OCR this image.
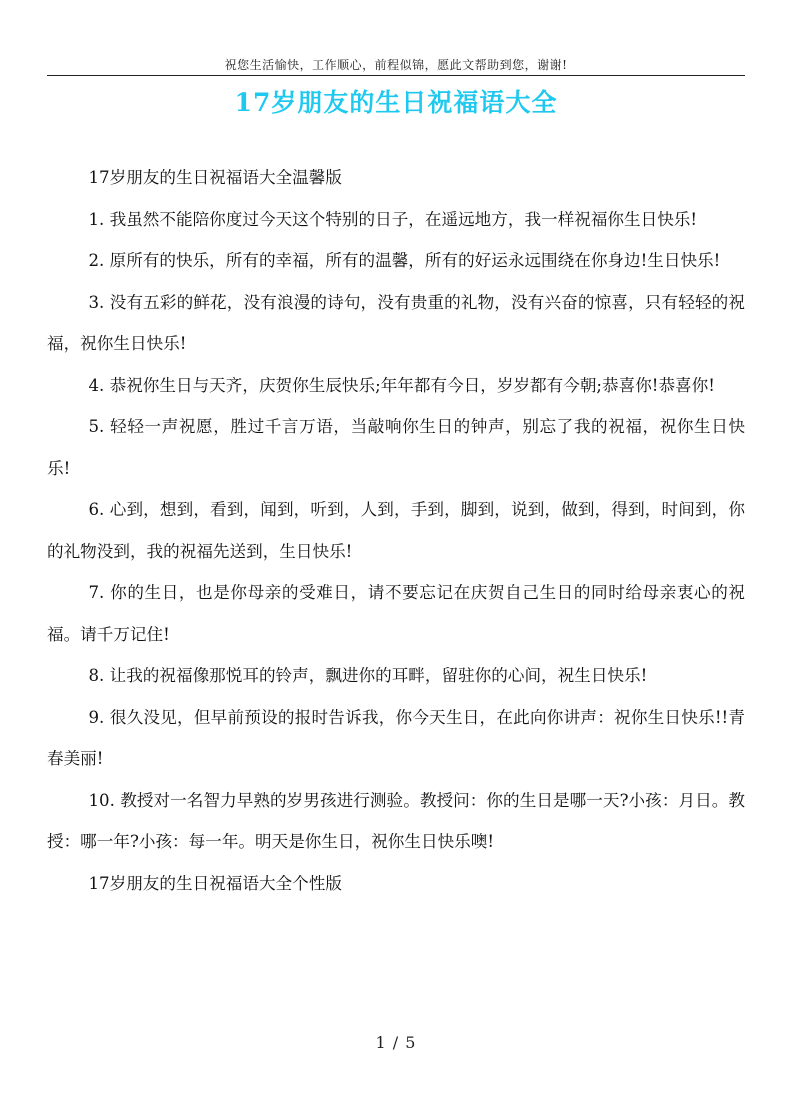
祝您生活愉快，工作顺心，前程似锦，愿此文帮助到您，谢谢!
17岁朋友的生日祝福语大全

17岁朋友的生日祝福语大全温馨版

1. 我虽然不能陪你度过今天这个特别的日子，在遥远地方，我一样祝福你生日快乐!

2. 原所有的快乐，所有的幸福，所有的温馨，所有的好运永远围绕在你身边!生日快乐!

3. 没有五彩的鲜花，没有浪漫的诗句，没有贵重的礼物，没有兴奋的惊喜，只有轻轻的祝福，祝你生日快乐!

4. 恭祝你生日与天齐，庆贺你生辰快乐;年年都有今日，岁岁都有今朝;恭喜你!恭喜你!

5. 轻轻一声祝愿，胜过千言万语，当敲响你生日的钟声，别忘了我的祝福，祝你生日快乐!

6. 心到，想到，看到，闻到，听到，人到，手到，脚到，说到，做到，得到，时间到，你的礼物没到，我的祝福先送到，生日快乐!

7. 你的生日，也是你母亲的受难日，请不要忘记在庆贺自己生日的同时给母亲衷心的祝福。请千万记住!

8. 让我的祝福像那悦耳的铃声，飘进你的耳畔，留驻你的心间，祝生日快乐!

9. 很久没见，但早前预设的报时告诉我，你今天生日，在此向你讲声：祝你生日快乐!!青春美丽!

10. 教授对一名智力早熟的岁男孩进行测验。教授问：你的生日是哪一天?小孩：月日。教授：哪一年?小孩：每一年。明天是你生日，祝你生日快乐噢!

17岁朋友的生日祝福语大全个性版

1 / 5
